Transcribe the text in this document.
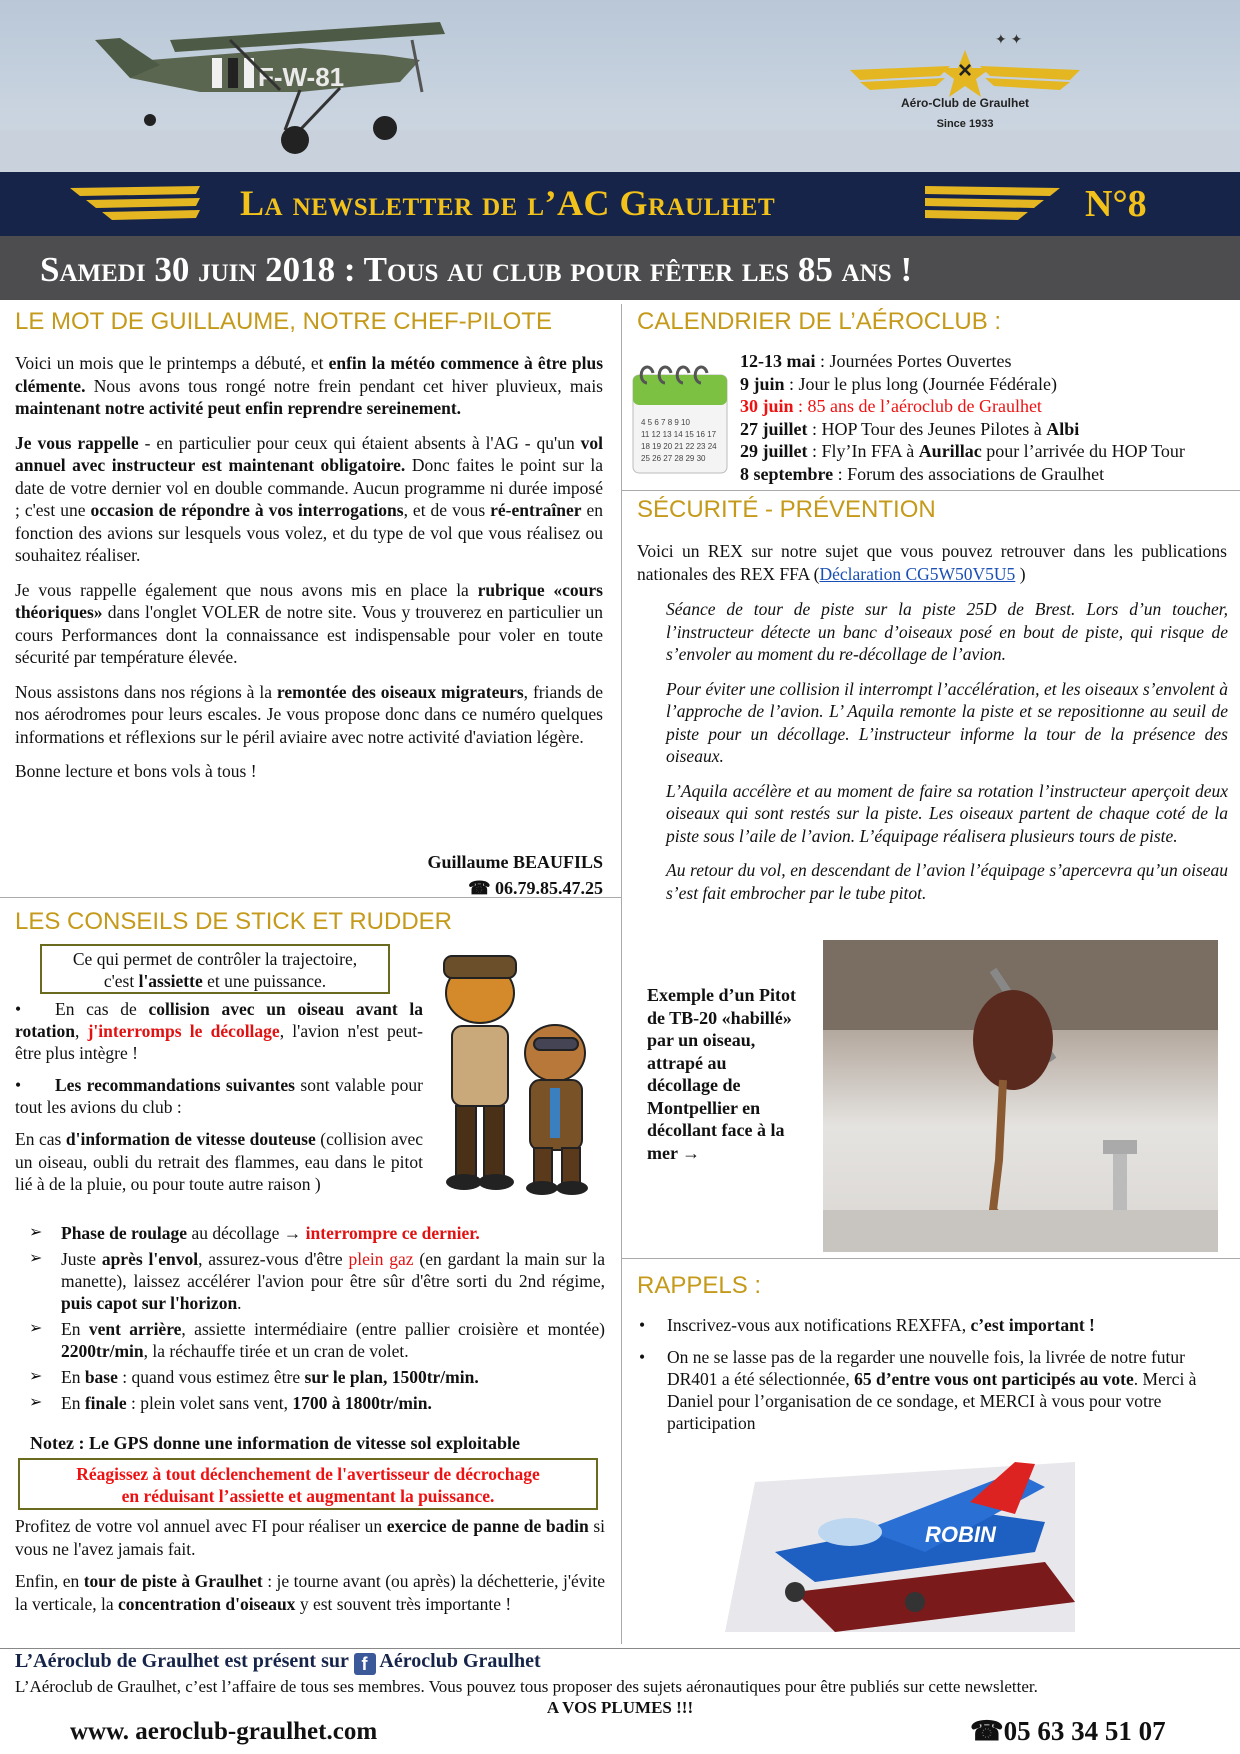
F-W-81	×
✦ ✦
Aéro-Club de Graulhet
Since 1933
La newsletter de l’AC Graulhet	N°8
Samedi 30 juin 2018 : Tous au club pour fêter les 85 ans !
LE MOT DE GUILLAUME, NOTRE CHEF-PILOTE

Voici un mois que le printemps a débuté, et enfin la météo commence à être plus clémente. Nous avons tous rongé notre frein pendant cet hiver pluvieux, mais maintenant notre activité peut enfin reprendre sereinement.

Je vous rappelle - en particulier pour ceux qui étaient absents à l'AG - qu'un vol annuel avec instructeur est maintenant obligatoire. Donc faites le point sur la date de votre dernier vol en double commande. Aucun programme ni durée imposé ; c'est une occasion de répondre à vos interrogations, et de vous ré-entraîner en fonction des avions sur lesquels vous volez, et du type de vol que vous réalisez ou souhaitez réaliser.

Je vous rappelle également que nous avons mis en place la rubrique «cours théoriques» dans l'onglet VOLER de notre site. Vous y trouverez en particulier un cours Performances dont la connaissance est indispensable pour voler en toute sécurité par température élevée.

Nous assistons dans nos régions à la remontée des oiseaux migrateurs, friands de nos aérodromes pour leurs escales. Je vous propose donc dans ce numéro quelques informations et réflexions sur le péril aviaire avec notre activité d'aviation légère.

Bonne lecture et bons vols à tous !

Guillaume BEAUFILS
☎ 06.79.85.47.25
LES CONSEILS DE STICK ET RUDDER
Ce qui permet de contrôler la trajectoire,
c'est l'assiette et une puissance.
• En cas de collision avec un oiseau avant la rotation, j'interromps le décollage, l'avion n'est peut-être plus intègre !
• Les recommandations suivantes sont valable pour tout les avions du club :
En cas d'information de vitesse douteuse (collision avec un oiseau, oubli du retrait des flammes, eau dans le pitot lié à de la pluie, ou pour toute autre raison )
➢ Phase de roulage au décollage → interrompre ce dernier.
➢ Juste après l'envol, assurez-vous d'être plein gaz (en gardant la main sur la manette), laissez accélérer l'avion pour être sûr d'être sorti du 2nd régime, puis capot sur l'horizon.
➢ En vent arrière, assiette intermédiaire (entre pallier croisière et montée) 2200tr/min, la réchauffe tirée et un cran de volet.
➢ En base : quand vous estimez être sur le plan, 1500tr/min.
➢ En finale : plein volet sans vent, 1700 à 1800tr/min.
Notez : Le GPS donne une information de vitesse sol exploitable
Réagissez à tout déclenchement de l'avertisseur de décrochage
en réduisant l’assiette et augmentant la puissance.

Profitez de votre vol annuel avec FI pour réaliser un exercice de panne de badin si vous ne l'avez jamais fait.

Enfin, en tour de piste à Graulhet : je tourne avant (ou après) la déchetterie, j'évite la verticale, la concentration d'oiseaux y est souvent très importante !

CALENDRIER DE L’AÉROCLUB :
4 5 6 7 8 9 10 11 12 13 14 15 16 17 18 19 20 21 22 23 24 25 26 27 28 29 30
12-13 mai : Journées Portes Ouvertes
9 juin : Jour le plus long (Journée Fédérale)
30 juin : 85 ans de l’aéroclub de Graulhet
27 juillet : HOP Tour des Jeunes Pilotes à Albi
29 juillet : Fly’In FFA à Aurillac pour l’arrivée du HOP Tour
8 septembre : Forum des associations de Graulhet
SÉCURITÉ - PRÉVENTION
Voici un REX sur notre sujet que vous pouvez retrouver dans les publications nationales des REX FFA (Déclaration CG5W50V5U5 )

Séance de tour de piste sur la piste 25D de Brest. Lors d’un toucher, l’instructeur détecte un banc d’oiseaux posé en bout de piste, qui risque de s’envoler au moment du re-décollage de l’avion.

Pour éviter une collision il interrompt l’accélération, et les oiseaux s’envolent à l’approche de l’avion. L’ Aquila remonte la piste et se repositionne au seuil de piste pour un décollage. L’instructeur informe la tour de la présence des oiseaux.

L’Aquila accélère et au moment de faire sa rotation l’instructeur aperçoit deux oiseaux qui sont restés sur la piste. Les oiseaux partent de chaque coté de la piste sous l’aile de l’avion. L’équipage réalisera plusieurs tours de piste.

Au retour du vol, en descendant de l’avion l’équipage s’apercevra qu’un oiseau s’est fait embrocher par le tube pitot.

Exemple d’un Pitot de TB-20 «habillé» par un oiseau, attrapé au décollage de Montpellier en décollant face à la mer →
RAPPELS :
• Inscrivez-vous aux notifications REXFFA, c’est important !
• On ne se lasse pas de la regarder une nouvelle fois, la livrée de notre futur DR401 a été sélectionnée, 65 d’entre vous ont participés au vote. Merci à Daniel pour l’organisation de ce sondage, et MERCI à vous pour votre participation
ROBIN
L’Aéroclub de Graulhet est présent sur f Aéroclub Graulhet
L’Aéroclub de Graulhet, c’est l’affaire de tous ses membres. Vous pouvez tous proposer des sujets aéronautiques pour être publiés sur cette newsletter.
A VOS PLUMES !!!
www. aeroclub-graulhet.com	☎05 63 34 51 07
